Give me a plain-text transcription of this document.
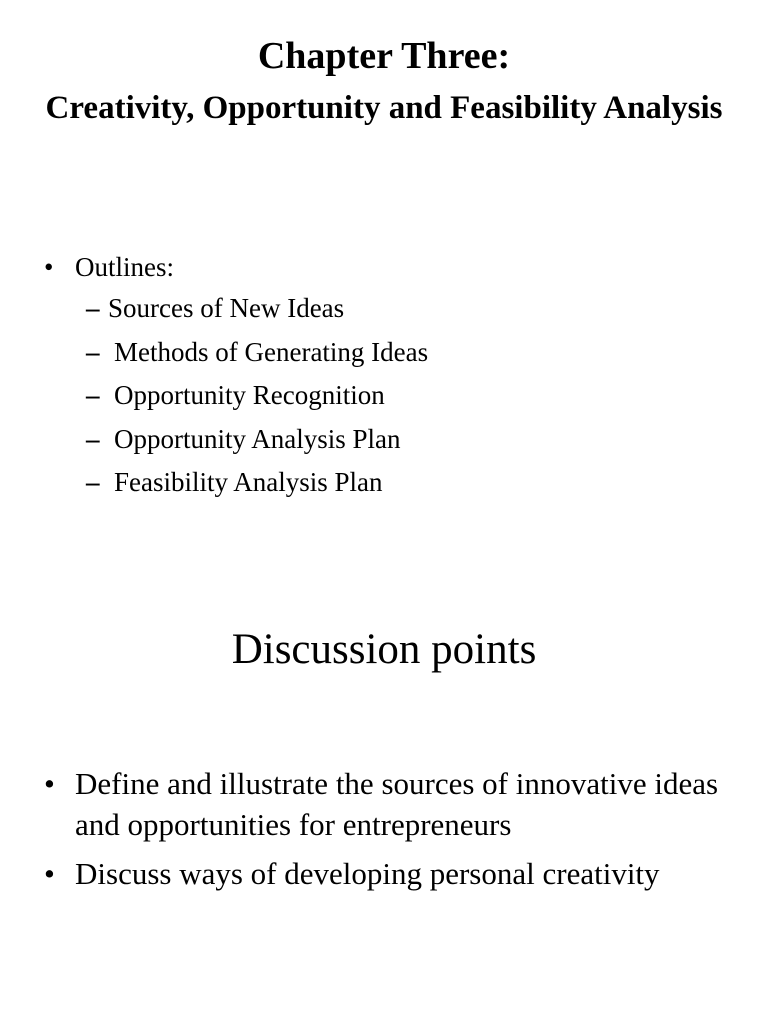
Chapter Three:
Creativity, Opportunity and Feasibility Analysis
• Outlines:
– Sources of New Ideas
– Methods of Generating Ideas
– Opportunity Recognition
– Opportunity Analysis Plan
– Feasibility Analysis Plan
Discussion points
• Define and illustrate the sources of innovative ideas and opportunities for entrepreneurs
• Discuss ways of developing personal creativity
